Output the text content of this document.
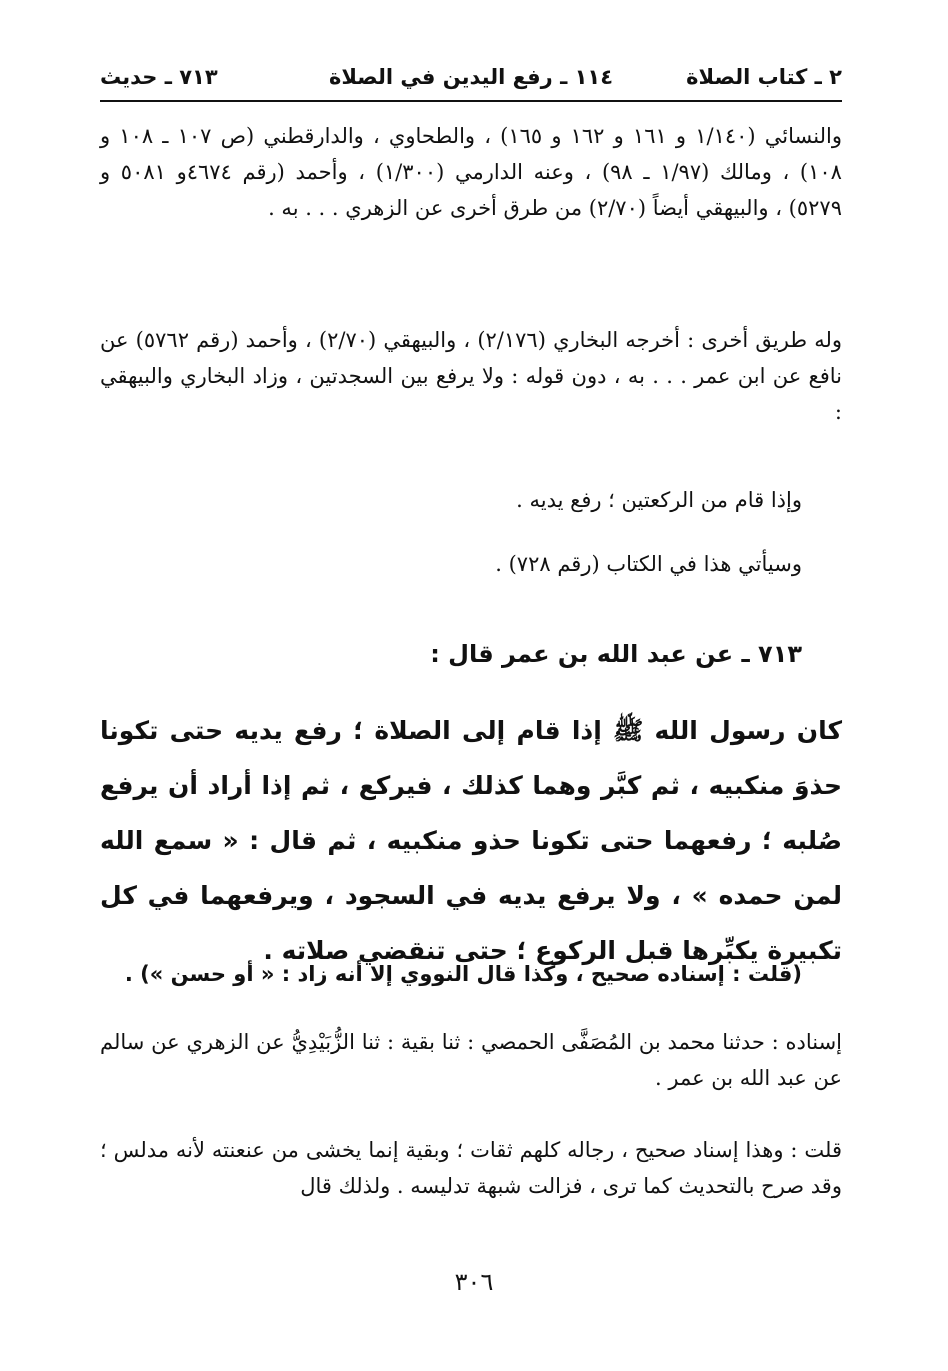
٢ ـ كتاب الصلاة
١١٤ ـ رفع اليدين في الصلاة
٧١٣ ـ حديث

والنسائي (١/١٤٠ و ١٦١ و ١٦٢ و ١٦٥) ، والطحاوي ، والدارقطني (ص ١٠٧ ـ ١٠٨ و ١٠٨) ، ومالك (١/٩٧ ـ ٩٨) ، وعنه الدارمي (١/٣٠٠) ، وأحمد (رقم ٤٦٧٤و ٥٠٨١ و ٥٢٧٩) ، والبيهقي أيضاً (٢/٧٠) من طرق أخرى عن الزهري . . . به .

وله طريق أخرى : أخرجه البخاري (٢/١٧٦) ، والبيهقي (٢/٧٠) ، وأحمد (رقم ٥٧٦٢) عن نافع عن ابن عمر . . . به ، دون قوله : ولا يرفع بين السجدتين ، وزاد البخاري والبيهقي :

وإذا قام من الركعتين ؛ رفع يديه .

وسيأتي هذا في الكتاب (رقم ٧٢٨) .

٧١٣ ـ عن عبد الله بن عمر قال :

كان رسول الله ﷺ إذا قام إلى الصلاة ؛ رفع يديه حتى تكونا حذوَ منكبيه ، ثم كبَّر وهما كذلك ، فيركع ، ثم إذا أراد أن يرفع صُلبه ؛ رفعهما حتى تكونا حذو منكبيه ، ثم قال : « سمع الله لمن حمده » ، ولا يرفع يديه في السجود ، ويرفعهما في كل تكبيرة يكبِّرها قبل الركوع ؛ حتى تنقضي صلاته .

(قلت : إسناده صحيح ، وكذا قال النووي إلا أنه زاد : « أو حسن ») .

إسناده : حدثنا محمد بن المُصَفَّى الحمصي : ثنا بقية : ثنا الزُّبَيْدِيُّ عن الزهري عن سالم عن عبد الله بن عمر .

قلت : وهذا إسناد صحيح ، رجاله كلهم ثقات ؛ وبقية إنما يخشى من عنعنته لأنه مدلس ؛ وقد صرح بالتحديث كما ترى ، فزالت شبهة تدليسه . ولذلك قال

٣٠٦
